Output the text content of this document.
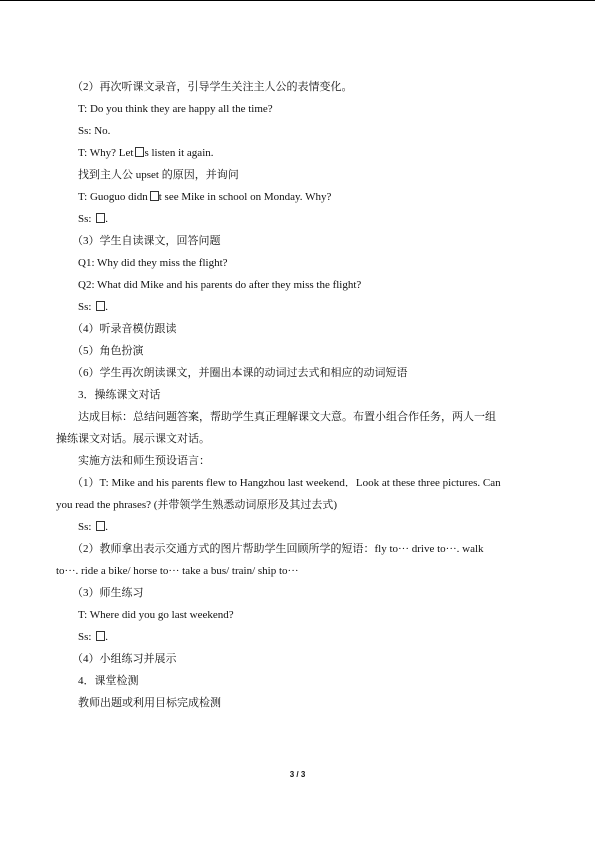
（2）再次听课文录音，引导学生关注主人公的表情变化。
T: Do you think they are happy all the time?
Ss: No.
T: Why? Let s listen it again.
找到主人公 upset 的原因，并询问
T: Guoguo didn t see Mike in school on Monday. Why?
Ss: .
（3）学生自读课文，回答问题
Q1: Why did they miss the flight?
Q2: What did Mike and his parents do after they miss the flight?
Ss: .
（4）听录音模仿跟读
（5）角色扮演
（6）学生再次朗读课文，并圈出本课的动词过去式和相应的动词短语
3．操练课文对话
达成目标：总结问题答案，帮助学生真正理解课文大意。布置小组合作任务，两人一组
操练课文对话。展示课文对话。
实施方法和师生预设语言：
（1）T: Mike and his parents flew to Hangzhou last weekend．Look at these three pictures. Can
you read the phrases? (并带领学生熟悉动词原形及其过去式)
Ss: .
（2）教师拿出表示交通方式的图片帮助学生回顾所学的短语：fly to··· drive to···. walk
to···. ride a bike/ horse to··· take a bus/ train/ ship to···
（3）师生练习
T: Where did you go last weekend?
Ss: .
（4）小组练习并展示
4．课堂检测
教师出题或利用目标完成检测
3 / 3
